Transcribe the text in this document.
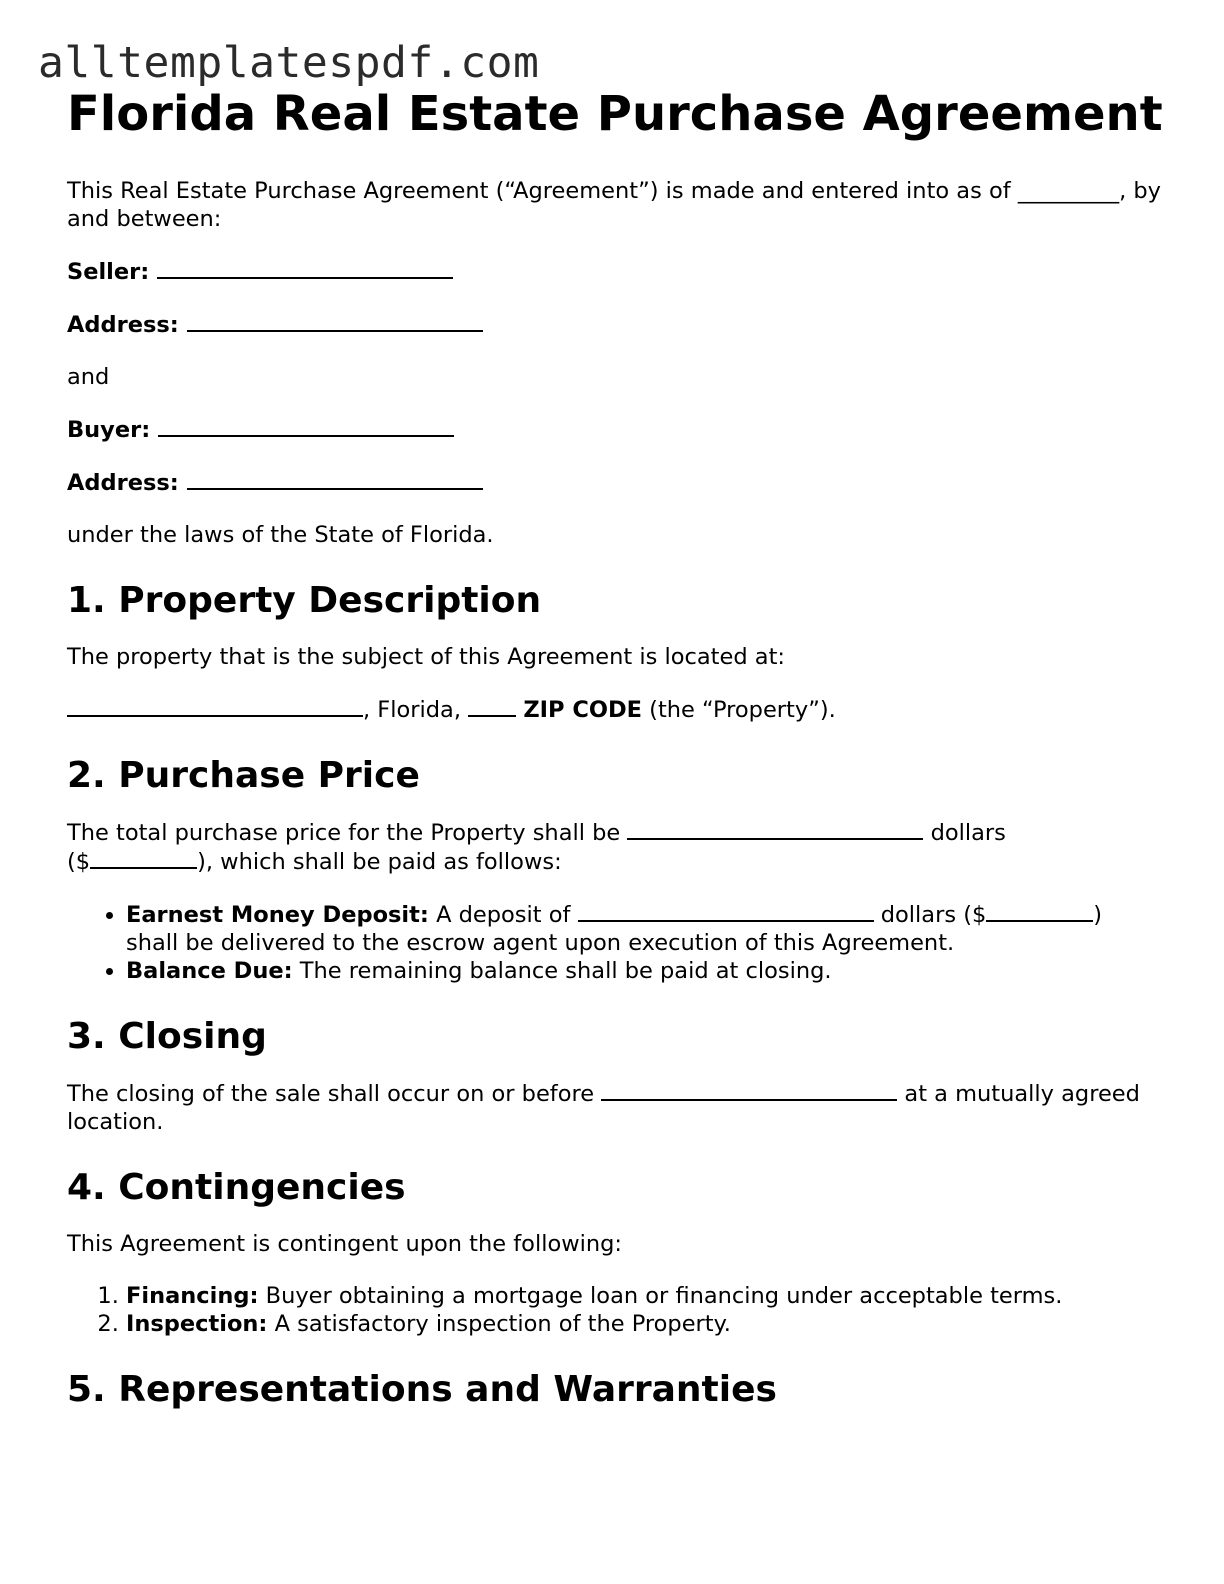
alltemplatespdf.com
Florida Real Estate Purchase Agreement

This Real Estate Purchase Agreement (“Agreement”) is made and entered into as of _________, by and between:

Seller:

Address:

and

Buyer:

Address:

under the laws of the State of Florida.

1. Property Description

The property that is the subject of this Agreement is located at:

, Florida,	ZIP CODE (the “Property”).

2. Purchase Price

The total purchase price for the Property shall be	dollars
($	), which shall be paid as follows:

• Earnest Money Deposit: A deposit of	dollars ($	)
shall be delivered to the escrow agent upon execution of this Agreement.
• Balance Due: The remaining balance shall be paid at closing.
3. Closing

The closing of the sale shall occur on or before	at a mutually agreed location.

4. Contingencies

This Agreement is contingent upon the following:

1. Financing: Buyer obtaining a mortgage loan or financing under acceptable terms.
2. Inspection: A satisfactory inspection of the Property.
5. Representations and Warranties
